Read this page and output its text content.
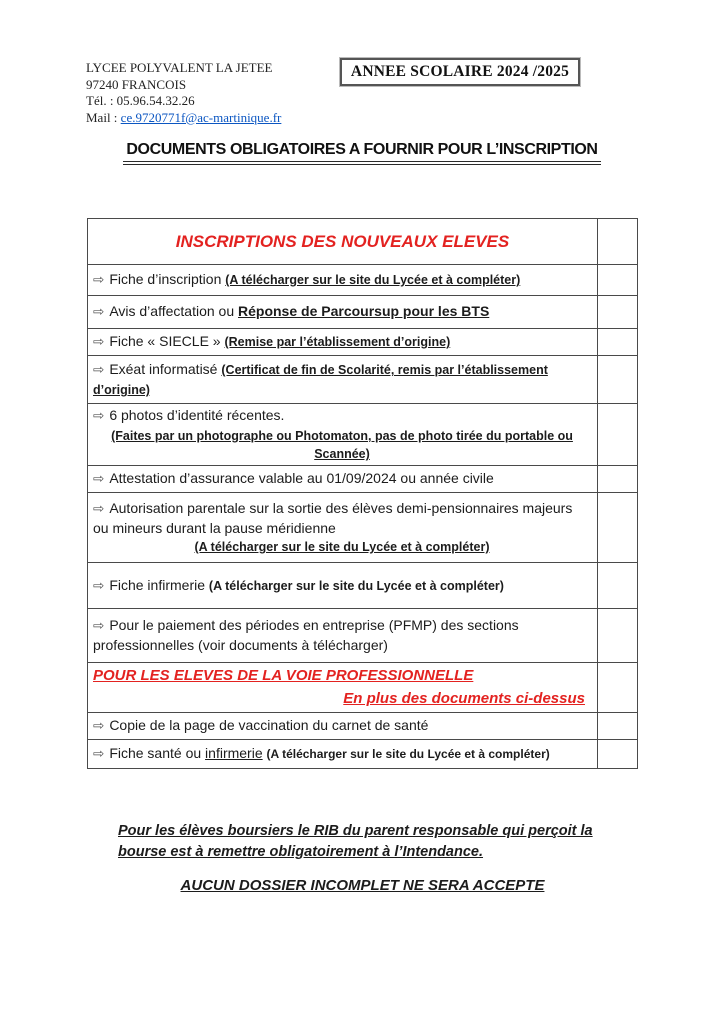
LYCEE POLYVALENT LA JETEE
97240 FRANCOIS
Tél. : 05.96.54.32.26
Mail : ce.9720771f@ac-martinique.fr
ANNEE SCOLAIRE 2024 /2025
DOCUMENTS OBLIGATOIRES A FOURNIR POUR L’INSCRIPTION
INSCRIPTIONS DES NOUVEAUX ELEVES	
⇨ Fiche d’inscription (A télécharger sur le site du Lycée et à compléter)	
⇨ Avis d’affectation ou Réponse de Parcoursup pour les BTS	
⇨ Fiche « SIECLE » (Remise par l’établissement d’origine)	
⇨ Exéat informatisé (Certificat de fin de Scolarité, remis par l’établissement d’origine)	

⇨ 6 photos d’identité récentes.
(Faites par un photographe ou Photomaton, pas de photo tirée du portable ou Scannée)	

⇨ Attestation d’assurance valable au 01/09/2024 ou année civile	

⇨ Autorisation parentale sur la sortie des élèves demi-pensionnaires majeurs ou mineurs durant la pause méridienne
(A télécharger sur le site du Lycée et à compléter)	

⇨ Fiche infirmerie (A télécharger sur le site du Lycée et à compléter)	
⇨ Pour le paiement des périodes en entreprise (PFMP) des sections professionnelles (voir documents à télécharger)	

POUR LES ELEVES DE LA VOIE PROFESSIONNELLE
En plus des documents ci-dessus	

⇨ Copie de la page de vaccination du carnet de santé	
⇨ Fiche santé ou infirmerie (A télécharger sur le site du Lycée et à compléter)	
Pour les élèves boursiers le RIB du parent responsable qui perçoit la bourse est à remettre obligatoirement à l’Intendance.
AUCUN DOSSIER INCOMPLET NE SERA ACCEPTE
